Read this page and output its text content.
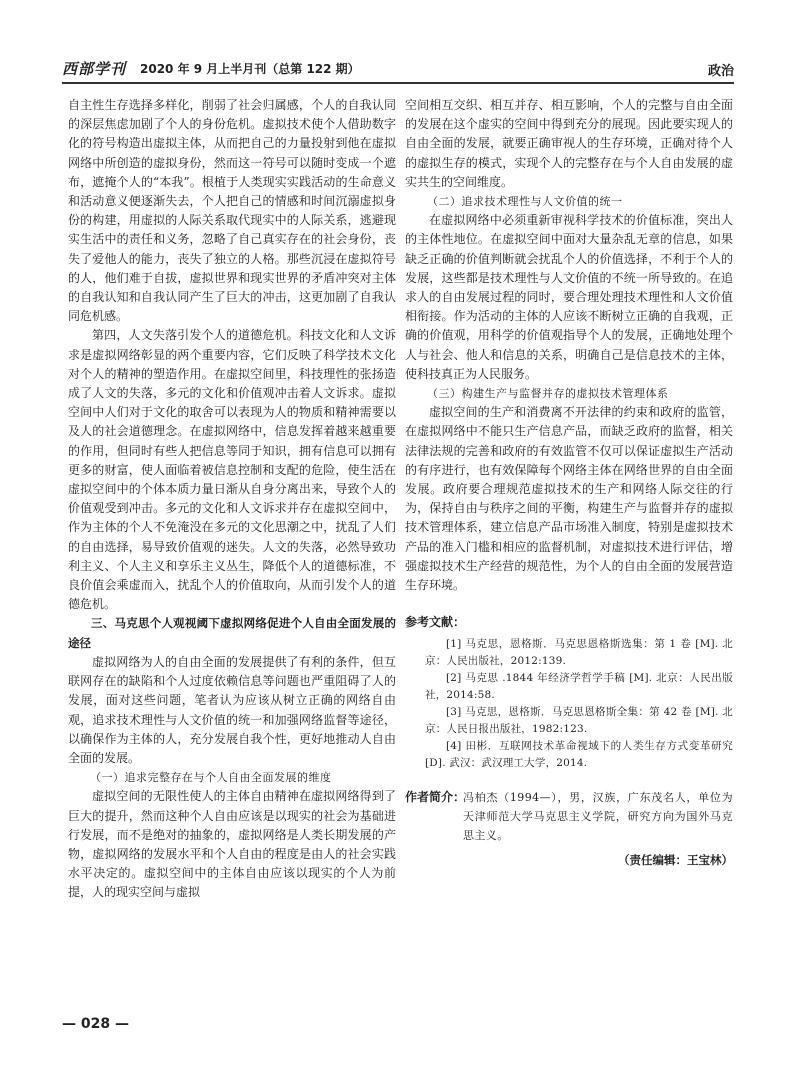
西部学刊 2020 年 9 月上半月刊（总第 122 期）	政治

自主性生存选择多样化，削弱了社会归属感，个人的自我认同的深层焦虑加剧了个人的身份危机。虚拟技术使个人借助数字化的符号构造出虚拟主体，从而把自己的力量投射到他在虚拟网络中所创造的虚拟身份，然而这一符号可以随时变成一个遮布，遮掩个人的“本我”。根植于人类现实实践活动的生命意义和活动意义便逐渐失去，个人把自己的情感和时间沉溺虚拟身份的构建，用虚拟的人际关系取代现实中的人际关系，逃避现实生活中的责任和义务，忽略了自己真实存在的社会身份，丧失了爱他人的能力，丧失了独立的人格。那些沉浸在虚拟符号的人，他们难于自拔，虚拟世界和现实世界的矛盾冲突对主体的自我认知和自我认同产生了巨大的冲击，这更加剧了自我认同危机感。

第四，人文失落引发个人的道德危机。科技文化和人文诉求是虚拟网络彰显的两个重要内容，它们反映了科学技术文化对个人的精神的塑造作用。在虚拟空间里，科技理性的张扬造成了人文的失落，多元的文化和价值观冲击着人文诉求。虚拟空间中人们对于文化的取舍可以表现为人的物质和精神需要以及人的社会道德理念。在虚拟网络中，信息发挥着越来越重要的作用，但同时有些人把信息等同于知识，拥有信息可以拥有更多的财富，使人面临着被信息控制和支配的危险，使生活在虚拟空间中的个体本质力量日渐从自身分离出来，导致个人的价值观受到冲击。多元的文化和人文诉求并存在虚拟空间中，作为主体的个人不免淹没在多元的文化思潮之中，扰乱了人们的自由选择，易导致价值观的迷失。人文的失落，必然导致功利主义、个人主义和享乐主义丛生，降低个人的道德标准，不良价值会乘虚而入，扰乱个人的价值取向，从而引发个人的道德危机。

三、马克思个人观视阈下虚拟网络促进个人自由全面发展的途径

虚拟网络为人的自由全面的发展提供了有利的条件，但互联网存在的缺陷和个人过度依赖信息等问题也严重阻碍了人的发展，面对这些问题，笔者认为应该从树立正确的网络自由观，追求技术理性与人文价值的统一和加强网络监督等途径，以确保作为主体的人，充分发展自我个性，更好地推动人自由全面的发展。

（一）追求完整存在与个人自由全面发展的维度

虚拟空间的无限性使人的主体自由精神在虚拟网络得到了巨大的提升，然而这种个人自由应该是以现实的社会为基础进行发展，而不是绝对的抽象的，虚拟网络是人类长期发展的产物，虚拟网络的发展水平和个人自由的程度是由人的社会实践水平决定的。虚拟空间中的主体自由应该以现实的个人为前提，人的现实空间与虚拟

空间相互交织、相互并存、相互影响，个人的完整与自由全面的发展在这个虚实的空间中得到充分的展现。因此要实现人的自由全面的发展，就要正确审视人的生存环境，正确对待个人的虚拟生存的模式，实现个人的完整存在与个人自由发展的虚实共生的空间维度。

（二）追求技术理性与人文价值的统一

在虚拟网络中必须重新审视科学技术的价值标准，突出人的主体性地位。在虚拟空间中面对大量杂乱无章的信息，如果缺乏正确的价值判断就会扰乱个人的价值选择，不利于个人的发展，这些都是技术理性与人文价值的不统一所导致的。在追求人的自由发展过程的同时，要合理处理技术理性和人文价值相衔接。作为活动的主体的人应该不断树立正确的自我观，正确的价值观，用科学的价值观指导个人的发展，正确地处理个人与社会、他人和信息的关系，明确自己是信息技术的主体，使科技真正为人民服务。

（三）构建生产与监督并存的虚拟技术管理体系

虚拟空间的生产和消费离不开法律的约束和政府的监管，在虚拟网络中不能只生产信息产品，而缺乏政府的监督，相关法律法规的完善和政府的有效监管不仅可以保证虚拟生产活动的有序进行，也有效保障每个网络主体在网络世界的自由全面发展。政府要合理规范虚拟技术的生产和网络人际交往的行为，保持自由与秩序之间的平衡，构建生产与监督并存的虚拟技术管理体系，建立信息产品市场准入制度，特别是虚拟技术产品的准入门槛和相应的监督机制，对虚拟技术进行评估，增强虚拟技术生产经营的规范性，为个人的自由全面的发展营造生存环境。

参考文献：

[1] 马克思，恩格斯．马克思恩格斯选集：第 1 卷 [M]. 北京：人民出版社，2012:139.

[2] 马克思 .1844 年经济学哲学手稿 [M]. 北京：人民出版社，2014:58.

[3] 马克思，恩格斯．马克思恩格斯全集：第 42 卷 [M]. 北京：人民日报出版社，1982:123.

[4] 田彬．互联网技术革命视域下的人类生存方式变革研究 [D]. 武汉：武汉理工大学，2014.

作者简介：
冯柏杰（1994—），男，汉族，广东茂名人，单位为天津师范大学马克思主义学院，研究方向为国外马克思主义。
（责任编辑：王宝林）
— 028 —
